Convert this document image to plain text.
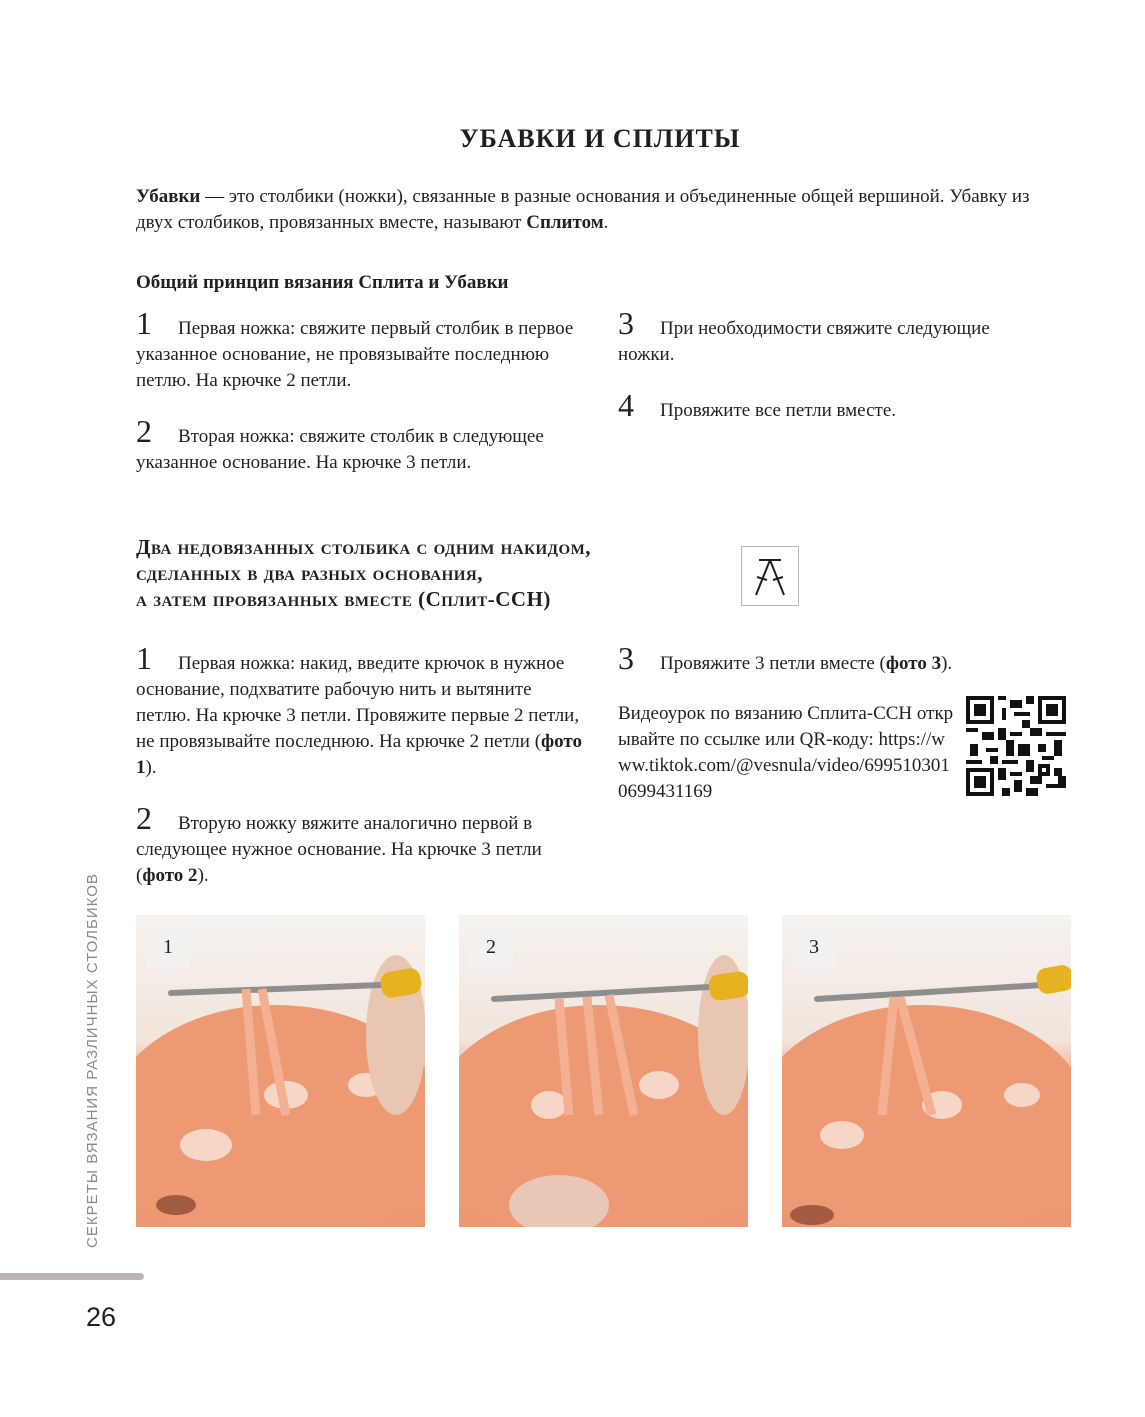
УБАВКИ И СПЛИТЫ
Убавки — это столбики (ножки), связанные в разные основания и объединенные общей вершиной. Убавку из двух столбиков, провязанных вместе, называют Сплитом.
Общий принцип вязания Сплита и Убавки

1 Первая ножка: свяжите первый столбик в первое указанное основание, не провязывайте последнюю петлю. На крючке 2 петли.

2 Вторая ножка: свяжите столбик в следующее указанное основание. На крючке 3 петли.

3 При необходимости свяжите следующие ножки.

4 Провяжите все петли вместе.

Два недовязанных столбика с одним накидом,
сделанных в два разных основания,
а затем провязанных вместе (Сплит-ССН)

1 Первая ножка: накид, введите крючок в нужное основание, подхватите рабочую нить и вытяните петлю. На крючке 3 петли. Провяжите первые 2 петли, не провязывайте последнюю. На крючке 2 петли (фото 1).

2 Вторую ножку вяжите аналогично первой в следующее нужное основание. На крючке 3 петли (фото 2).

3 Провяжите 3 петли вместе (фото 3).

Видеоурок по вязанию Сплита-ССН открывайте по ссылке или QR-коду: https://www.tiktok.com/@vesnula/video/6995103010699431169

1	2	3
СЕКРЕТЫ ВЯЗАНИЯ РАЗЛИЧНЫХ СТОЛБИКОВ
26
